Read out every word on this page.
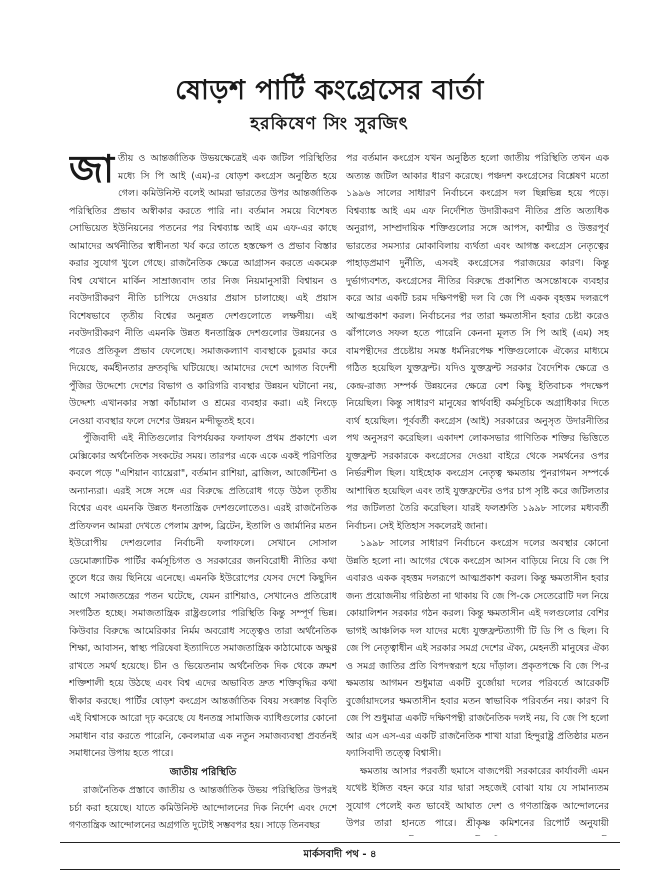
ষোড়শ পার্টি কংগ্রেসের বার্তা
হরকিষেণ সিং সুরজিৎ

জাতীয় ও আন্তর্জাতিক উভয়ক্ষেত্রেই এক জটিল পরিস্থিতির মধ্যে সি পি আই (এম)-র ষোড়শ কংগ্রেস অনুষ্ঠিত হয়ে গেল। কমিউনিস্ট বলেই আমরা ভারতের উপর আন্তর্জাতিক পরিস্থিতির প্রভাব অস্বীকার করতে পারি না। বর্তমান সময়ে বিশেষত সোভিয়েত ইউনিয়নের পতনের পর বিশ্বব্যাঙ্ক আই এম এফ-এর কাছে আমাদের অর্থনীতির স্বাধীনতা খর্ব করে তাতে হস্তক্ষেপ ও প্রভাব বিস্তার করার সুযোগ খুলে গেছে। রাজনৈতিক ক্ষেত্রে আগ্রাসন করতে একমেরু বিশ্ব যেখানে মার্কিন সাম্রাজ্যবাদ তার নিজ নিয়মানুসারী বিশ্বায়ন ও নবউদারীকরণ নীতি চাপিয়ে দেওয়ার প্রয়াস চালাচ্ছে। এই প্রয়াস বিশেষভাবে তৃতীয় বিশ্বের অনুন্নত দেশগুলোতে লক্ষণীয়। এই নবউদারীকরণ নীতি এমনকি উন্নত ধনতান্ত্রিক দেশগুলোর উন্নয়নের ও পরেও প্রতিকূল প্রভাব ফেলেছে। সমাজকল্যাণ ব্যবস্থাকে চুরমার করে দিয়েছে, কর্মহীনতার দ্রুতবৃদ্ধি ঘটিয়েছে। আমাদের দেশে আগত বিদেশী পুঁজির উদ্দেশ্যে দেশের বিভাগ ও কারিগরি ব্যবস্থার উন্নয়ন ঘটানো নয়, উদ্দেশ্য এখানকার সস্তা কাঁচামাল ও শ্রমের ব্যবহার করা। এই নিংড়ে নেওয়া ব্যবস্থার ফলে দেশের উন্নয়ন মন্দীভূতই হবে।

পুঁজিবাদী এই নীতিগুলোর বিপর্যয়কর ফলাফল প্রথম প্রকাশ্যে এল মেক্সিকোর অর্থনৈতিক সংকটের সময়। তারপর একে একে একই পরিণতির কবলে পড়ে "এশিয়ান ব্যাঘ্রেরা", বর্তমান রাশিয়া, ব্রাজিল, আর্জেন্টিনা ও অন্যান্যরা। এরই সঙ্গে সঙ্গে এর বিরুদ্ধে প্রতিরোধ গড়ে উঠল তৃতীয় বিশ্বের এবং এমনকি উন্নত ধনতান্ত্রিক দেশগুলোতেও। এরই রাজনৈতিক প্রতিফলন আমরা দেখতে পেলাম ফ্রান্স, ব্রিটেন, ইতালি ও জার্মানির মতন ইউরোপীয় দেশগুলোর নির্বাচনী ফলাফলে। সেখানে সোসাল ডেমোক্র্যাটিক পার্টির কর্মসূচিগত ও সরকারের জনবিরোধী নীতির কথা তুলে ধরে জয় ছিনিয়ে এনেছে। এমনকি ইউরোপের যেসব দেশে কিছুদিন আগে সমাজতন্ত্রের পতন ঘটেছে, যেমন রাশিয়াও, সেখানেও প্রতিরোধ সংগঠিত হচ্ছে। সমাজতান্ত্রিক রাষ্ট্রগুলোর পরিস্থিতি কিন্তু সম্পূর্ণ ভিন্ন। কিউবার বিরুদ্ধে আমেরিকার নির্মম অবরোধ সত্ত্বেও তারা অর্থনৈতিক শিক্ষা, আবাসন, স্বাস্থ্য পরিষেবা ইত্যাদিতে সমাজতান্ত্রিক কাঠামোকে অক্ষুণ্ণ রাখতে সমর্থ হয়েছে। চীন ও ভিয়েতনাম অর্থনৈতিক দিক থেকে ক্রমশ শক্তিশালী হয়ে উঠছে এবং বিশ্ব এদের অভাবিত দ্রুত শক্তিবৃদ্ধির কথা স্বীকার করছে। পার্টির ষোড়শ কংগ্রেস আন্তর্জাতিক বিষয় সংক্রান্ত বিবৃতি এই বিশ্বাসকে আরো দৃঢ় করেছে যে ধনতন্ত্র সামাজিক ব্যাধিগুলোর কোনো সমাধান বার করতে পারেনি, কেবলমাত্র এক নতুন সমাজব্যবস্থা প্রবর্তনই সমাধানের উপায় হতে পারে।

জাতীয় পরিস্থিতি

রাজনৈতিক প্রস্তাবে জাতীয় ও আন্তর্জাতিক উভয় পরিস্থিতির উপরই চর্চা করা হয়েছে। যাতে কমিউনিস্ট আন্দোলনের দিক নির্দেশ এবং দেশে গণতান্ত্রিক আন্দোলনের অগ্রগতি দুটোই সম্ভবপর হয়। সাড়ে তিনবছর

পর বর্তমান কংগ্রেস যখন অনুষ্ঠিত হলো জাতীয় পরিস্থিতি তখন এক অত্যন্ত জটিল আকার ধারণ করেছে। পঞ্চদশ কংগ্রেসের বিশ্লেষণ মতো ১৯৯৬ সালের সাধারণ নির্বাচনে কংগ্রেস দল ছিন্নভিন্ন হয়ে পড়ে। বিশ্বব্যাঙ্ক আই এম এফ নির্দেশিত উদারীকরণ নীতির প্রতি অত্যধিক অনুরাগ, সাম্প্রদায়িক শক্তিগুলোর সঙ্গে আপস, কাশ্মীর ও উত্তরপূর্ব ভারতের সমস্যার মোকাবিলায় ব্যর্থতা এবং আগস্ত কংগ্রেস নেতৃত্বের পাহাড়প্রমাণ দুর্নীতি, এসবই কংগ্রেসের পরাজয়ের কারণ। কিন্তু দুর্ভাগ্যবশত, কংগ্রেসের নীতির বিরুদ্ধে প্রকাশিত অসন্তোষকে ব্যবহার করে আর একটি চরম দক্ষিণপন্থী দল বি জে পি একক বৃহত্তম দলরূপে আত্মপ্রকাশ করল। নির্বাচনের পর তারা ক্ষমতাসীন হবার চেষ্টা করেও ঝাঁপালেও সফল হতে পারেনি কেননা মূলত সি পি আই (এম) সহ বামপন্থীদের প্রচেষ্টায় সমস্ত ধর্মনিরপেক্ষ শক্তিগুলোকে ঐক্যের মাধ্যমে গঠিত হয়েছিল যুক্তফ্রন্ট। যদিও যুক্তফ্রন্ট সরকার বৈদেশিক ক্ষেত্রে ও কেন্দ্র-রাজ্য সম্পর্ক উন্নয়নের ক্ষেত্রে বেশ কিছু ইতিবাচক পদক্ষেপ নিয়েছিল। কিন্তু সাধারণ মানুষের স্বার্থবাহী কর্মসূচিকে অগ্রাধিকার দিতে ব্যর্থ হয়েছিল। পূর্ববর্তী কংগ্রেস (আই) সরকারের অনুসৃত উদারনীতির পথ অনুসরণ করেছিল। একাদশ লোকসভার গাণিতিক শক্তির ভিত্তিতে যুক্তফ্রন্ট সরকারকে কংগ্রেসের দেওয়া বাইরে থেকে সমর্থনের ওপর নির্ভরশীল ছিল। যাইহোক কংগ্রেস নেতৃত্ব ক্ষমতায় পুনরাগমন সম্পর্কে আশান্বিত হয়েছিল এবং তাই যুক্তফ্রন্টের ওপর চাপ সৃষ্টি করে জটিলতার পর জটিলতা তৈরি করেছিল। যারই ফলশ্রুতি ১৯৯৮ সালের মধ্যবর্তী নির্বাচন। সেই ইতিহাস সকলেরই জানা।

১৯৯৮ সালের সাধারণ নির্বাচনে কংগ্রেস দলের অবস্থার কোনো উন্নতি হলো না। আগের থেকে কংগ্রেস আসন বাড়িয়ে নিয়ে বি জে পি এবারও একক বৃহত্তম দলরূপে আত্মপ্রকাশ করল। কিন্তু ক্ষমতাসীন হবার জন্য প্রয়োজনীয় গরিষ্ঠতা না থাকায় বি জে পি-কে সেতেরোটি দল নিয়ে কোয়ালিশন সরকার গঠন করল। কিন্তু ক্ষমতাসীন এই দলগুলোর বেশির ভাগই আঞ্চলিক দল যাদের মধ্যে যুক্তফ্রন্টত্যাগী টি ডি পি ও ছিল। বি জে পি নেতৃত্বাধীন এই সরকার সমগ্র দেশের ঐক্য, মেহনতী মানুষের ঐক্য ও সমগ্র জাতির প্রতি বিপদস্বরূপ হয়ে দাঁড়াল। প্রকৃতপক্ষে বি জে পি-র ক্ষমতায় আগমন শুধুমাত্র একটি বুর্জোয়া দলের পরিবর্তে আরেকটি বুর্জোয়াদলের ক্ষমতাসীন হবার মতন স্বাভাবিক পরিবর্তন নয়। কারণ বি জে পি শুধুমাত্র একটি দক্ষিণপন্থী রাজনৈতিক দলই নয়, বি জে পি হলো আর এস এস-এর একটি রাজনৈতিক শাখা যারা হিন্দুরাষ্ট্র প্রতিষ্ঠার মতন ফ্যাসিবাদী তত্ত্বে বিশ্বাসী।

ক্ষমতায় আসার পরবর্তী ছমাসে বাজপেয়ী সরকারের কার্যাবলী এমন যথেষ্ট ইঙ্গিত বহন করে যার দ্বারা সহজেই বোঝা যায় যে সামান্যতম সুযোগ পেলেই কত ভাবেই আঘাত দেশ ও গণতান্ত্রিক আন্দোলনের উপর তারা হানতে পারে। শ্রীকৃষ্ণ কমিশনের রিপোর্ট অনুযায়ী

মার্কসবাদী পথ - ৪
